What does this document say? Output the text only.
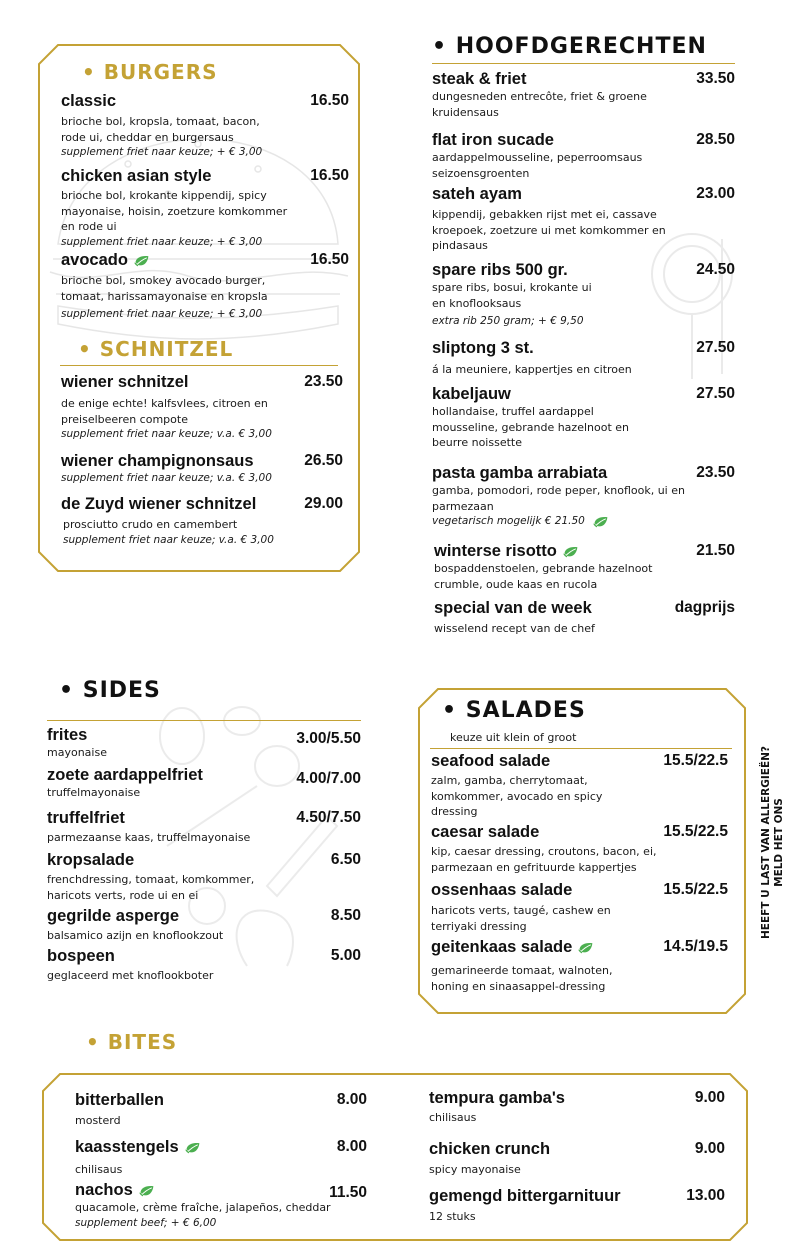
• BURGERS
classic	16.50
brioche bol, kropsla, tomaat, bacon, rode ui, cheddar en burgersaus
supplement friet naar keuze; + € 3,00
chicken asian style	16.50
brioche bol, krokante kippendij, spicy mayonaise, hoisin, zoetzure komkommer en rode ui
supplement friet naar keuze; + € 3,00
avocado	16.50
brioche bol, smokey avocado burger, tomaat, harissamayonaise en kropsla
supplement friet naar keuze; + € 3,00
• SCHNITZEL
wiener schnitzel	23.50
de enige echte! kalfsvlees, citroen en preiselbeeren compote
supplement friet naar keuze; v.a. € 3,00
wiener champignonsaus	26.50
supplement friet naar keuze; v.a. € 3,00
de Zuyd wiener schnitzel	29.00
prosciutto crudo en camembert
supplement friet naar keuze; v.a. € 3,00
• HOOFDGERECHTEN
steak & friet	33.50
dungesneden entrecôte, friet & groene kruidensaus
flat iron sucade	28.50
aardappelmousseline, peperroomsaus seizoensgroenten
sateh ayam	23.00
kippendij, gebakken rijst met ei, cassave kroepoek, zoetzure ui met komkommer en pindasaus
spare ribs 500 gr.	24.50
spare ribs, bosui, krokante ui en knoflooksaus
extra rib 250 gram; + € 9,50
sliptong 3 st.	27.50
á la meuniere, kappertjes en citroen
kabeljauw	27.50
hollandaise, truffel aardappel mousseline, gebrande hazelnoot en beurre noissette
pasta gamba arrabiata	23.50
gamba, pomodori, rode peper, knoflook, ui en parmezaan
vegetarisch mogelijk € 21.50
winterse risotto	21.50
bospaddenstoelen, gebrande hazelnoot crumble, oude kaas en rucola
special van de week	dagprijs
wisselend recept van de chef
• SIDES
frites	3.00/5.50
mayonaise
zoete aardappelfriet	4.00/7.00
truffelmayonaise
truffelfriet	4.50/7.50
parmezaanse kaas, truffelmayonaise
kropsalade	6.50
frenchdressing, tomaat, komkommer, haricots verts, rode ui en ei
gegrilde asperge	8.50
balsamico azijn en knoflookzout
bospeen	5.00
geglaceerd met knoflookboter
• SALADES
keuze uit klein of groot
seafood salade	15.5/22.5
zalm, gamba, cherrytomaat, komkommer, avocado en spicy dressing
caesar salade	15.5/22.5
kip, caesar dressing, croutons, bacon, ei, parmezaan en gefrituurde kappertjes
ossenhaas salade	15.5/22.5
haricots verts, taugé, cashew en terriyaki dressing
geitenkaas salade	14.5/19.5
gemarineerde tomaat, walnoten, honing en sinaasappel-dressing
HEEFT U LAST VAN ALLERGIEËN? MELD HET ONS
• BITES
bitterballen	8.00
mosterd
kaasstengels	8.00
chilisaus
nachos	11.50
quacamole, crème fraîche, jalapeños, cheddar
supplement beef; + € 6,00
tempura gamba's	9.00
chilisaus
chicken crunch	9.00
spicy mayonaise
gemengd bittergarnituur	13.00
12 stuks
